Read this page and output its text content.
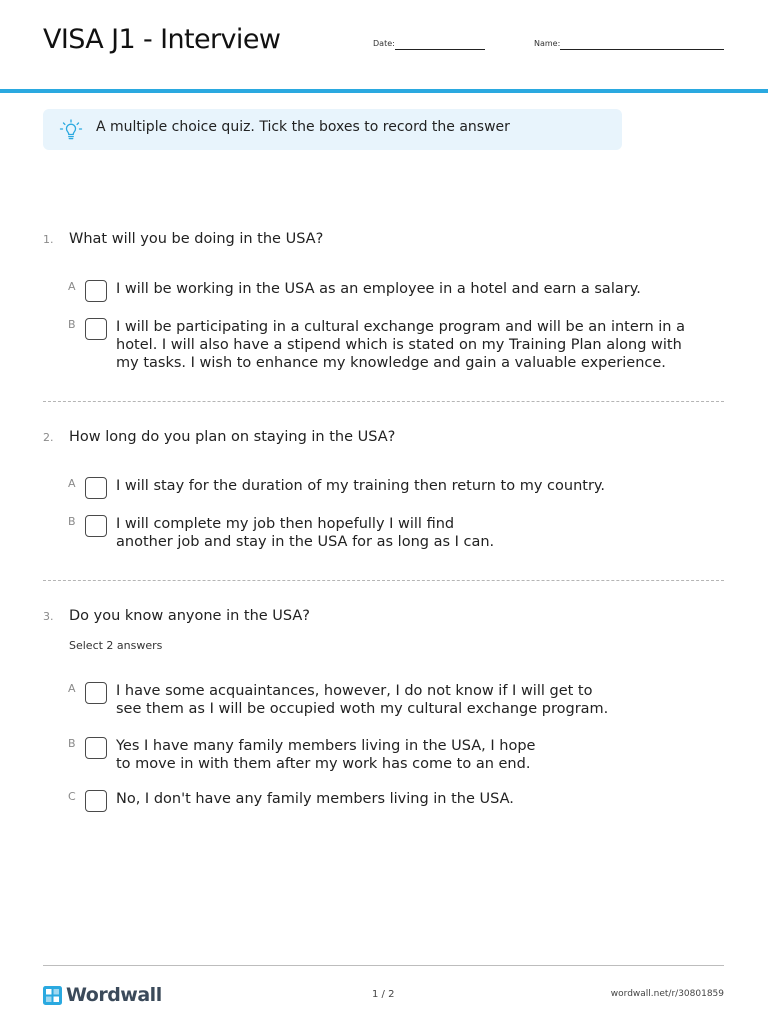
VISA J1 - Interview	Date:	Name:
A multiple choice quiz. Tick the boxes to record the answer
1. What will you be doing in the USA?
A	I will be working in the USA as an employee in a hotel and earn a salary.
B	I will be participating in a cultural exchange program and will be an intern in a
hotel. I will also have a stipend which is stated on my Training Plan along with
my tasks. I wish to enhance my knowledge and gain a valuable experience.
2. How long do you plan on staying in the USA?
A	I will stay for the duration of my training then return to my country.
B	I will complete my job then hopefully I will find
another job and stay in the USA for as long as I can.
3. Do you know anyone in the USA?
Select 2 answers
A	I have some acquaintances, however, I do not know if I will get to
see them as I will be occupied woth my cultural exchange program.
B	Yes I have many family members living in the USA, I hope
to move in with them after my work has come to an end.
C	No, I don't have any family members living in the USA.
Wordwall	1 / 2	wordwall.net/r/30801859
